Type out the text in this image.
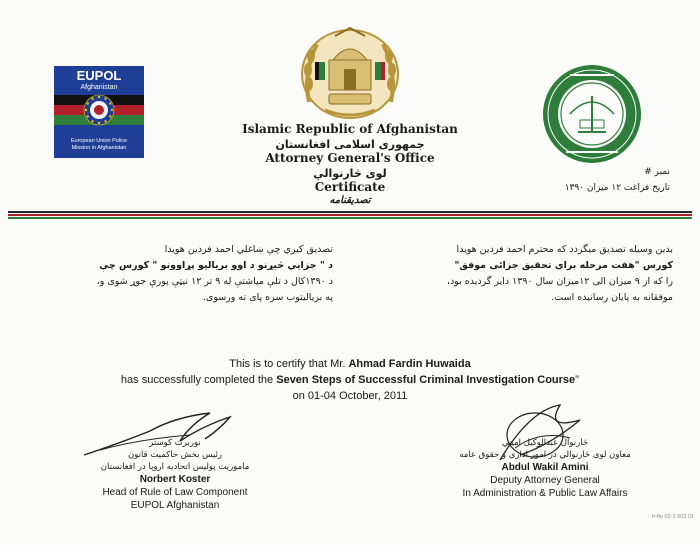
EUPOL
Afghanistan
European Union Police
Mission in Afghanistan
Islamic Republic of Afghanistan
جمهوری اسلامی افغانستان
Attorney General's Office
لوی څارنوالي
Certificate
تصدیقنامه
نمبر #
تاریخ فراغت ۱۲ میزان ۱۳۹۰
بدین وسیله تصدیق میگردد که محترم احمد فردین هویدا
کورس "هفت مرحله برای تحقیق جزائی موفق"
را که از ۹ میزان الی ۱۲میزان سال ۱۳۹۰ دایر گردیده بود،
موفقانه به پایان رسانیده است.
تصدیق کیږي چې ښاغلي احمد فردین هویدا
د " جزایي څیړنو د اوو بریالیو پړاوونو " کورس چې
د ۱۳۹۰کال د تلې میاشتې له ۹ تر ۱۲ نیټې پورې جوړ شوی و،
په بریالیتوب سره پای ته ورسوی.
This is to certify that Mr. Ahmad Fardin Huwaida
has successfully completed the Seven Steps of Successful Criminal Investigation Course"
on 01-04 October, 2011
نوربرت کوستر
رئیس بخش حاکمیت قانون
ماموریت پولیس اتحادیه اروپا در افغانستان
Norbert Koster
Head of Rule of Law Component
EUPOL Afghanistan
څارنوال عبدالوکیل امیني
معاون لوی څارنوالي در امور اداری و حقوق عامه
Abdul Wakil Amini
Deputy Attorney General
In Administration & Public Law Affairs
fr-fte 02-2 002 01
